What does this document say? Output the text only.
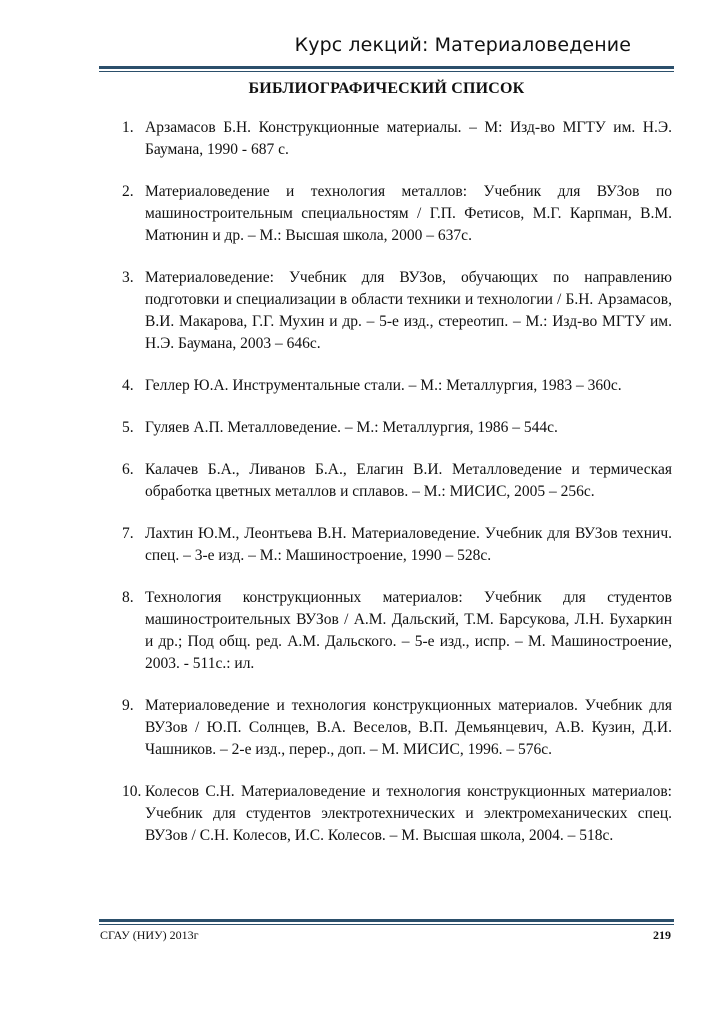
Курс лекций: Материаловедение
БИБЛИОГРАФИЧЕСКИЙ СПИСОК
1. Арзамасов Б.Н. Конструкционные материалы. – М: Изд-во МГТУ им. Н.Э. Баумана, 1990 - 687 с.
2. Материаловедение и технология металлов: Учебник для ВУЗов по машиностроительным специальностям / Г.П. Фетисов, М.Г. Карпман, В.М. Матюнин и др. – М.: Высшая школа, 2000 – 637с.
3. Материаловедение: Учебник для ВУЗов, обучающих по направлению подготовки и специализации в области техники и технологии / Б.Н. Арзамасов, В.И. Макарова, Г.Г. Мухин и др. – 5-е изд., стереотип. – М.: Изд-во МГТУ им. Н.Э. Баумана, 2003 – 646с.
4. Геллер Ю.А. Инструментальные стали. – М.: Металлургия, 1983 – 360с.
5. Гуляев А.П. Металловедение. – М.: Металлургия, 1986 – 544с.
6. Калачев Б.А., Ливанов Б.А., Елагин В.И. Металловедение и термическая обработка цветных металлов и сплавов. – М.: МИСИС, 2005 – 256с.
7. Лахтин Ю.М., Леонтьева В.Н. Материаловедение. Учебник для ВУЗов технич. спец. – 3-е изд. – М.: Машиностроение, 1990 – 528с.
8. Технология конструкционных материалов: Учебник для студентов машиностроительных ВУЗов / А.М. Дальский, Т.М. Барсукова, Л.Н. Бухаркин и др.; Под общ. ред. А.М. Дальского. – 5-е изд., испр. – М. Машиностроение, 2003. - 511с.: ил.
9. Материаловедение и технология конструкционных материалов. Учебник для ВУЗов / Ю.П. Солнцев, В.А. Веселов, В.П. Демьянцевич, А.В. Кузин, Д.И. Чашников. – 2-е изд., перер., доп. – М. МИСИС, 1996. – 576с.
10. Колесов С.Н. Материаловедение и технология конструкционных материалов: Учебник для студентов электротехнических и электромеханических спец. ВУЗов / С.Н. Колесов, И.С. Колесов. – М. Высшая школа, 2004. – 518с.
СГАУ (НИУ) 2013г	219
